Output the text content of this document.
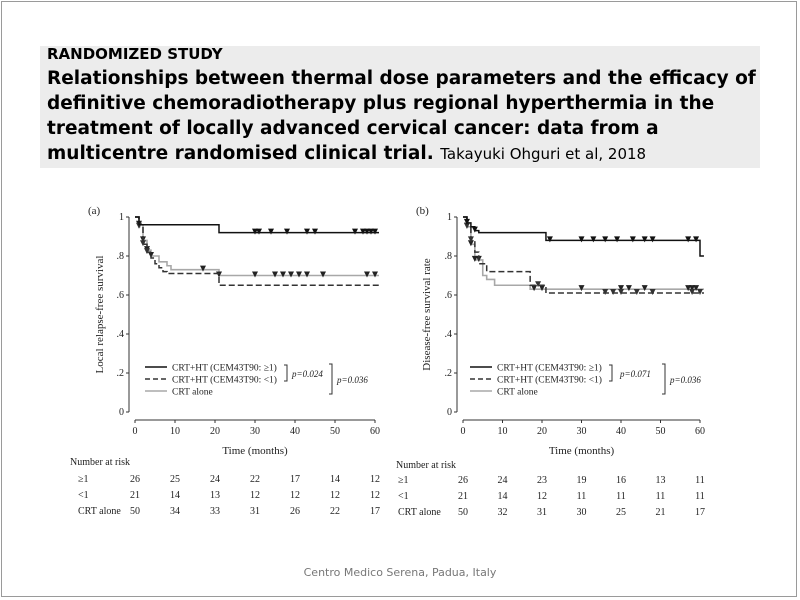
RANDOMIZED STUDY
Relationships between thermal dose parameters and the efficacy of definitive chemoradiotherapy plus regional hyperthermia in the treatment of locally advanced cervical cancer: data from a multicentre randomised clinical trial. Takayuki Ohguri et al, 2018
Centro Medico Serena, Padua, Italy
(a)
0
.2
.4
.6
.8
1
0	10	20	30	40	50	60
Local relapse-free survival
Time (months)
CRT+HT (CEM43T90: ≥1)
CRT+HT (CEM43T90: <1)
CRT alone
p=0.024
p=0.036
Number at risk
≥1	26	25	24	22	17	14	12
<1	21	14	13	12	12	12	12
CRT alone 50	34	33	31	26	22	17
(b)
0
.2
.4
.6
.8
1
0	10	20	30	40	50	60
Disease-free survival rate
Time (months)
CRT+HT (CEM43T90: ≥1)
CRT+HT (CEM43T90: <1)
CRT alone
p=0.071
p=0.036
Number at risk
≥1	26	24	23	19	16	13	11
<1	21	14	12	11	11	11	11
CRT alone 50	32	31	30	25	21	17
